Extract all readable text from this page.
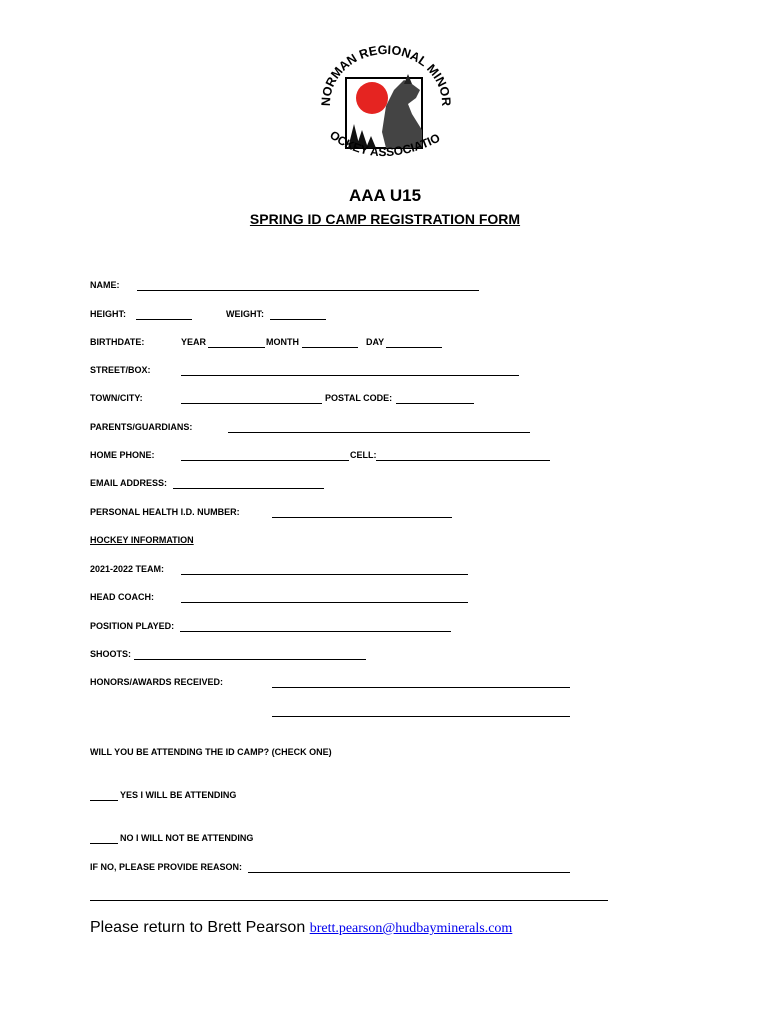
NORMAN REGIONAL MINOR
OCKEY ASSOCIATIO
AAA U15
SPRING ID CAMP REGISTRATION FORM
NAME:
HEIGHT:	WEIGHT:
BIRTHDATE:	YEAR	MONTH	DAY
STREET/BOX:
TOWN/CITY:	POSTAL CODE:
PARENTS/GUARDIANS:
HOME PHONE:	CELL:
EMAIL ADDRESS:
PERSONAL HEALTH I.D. NUMBER:
HOCKEY INFORMATION
2021-2022 TEAM:
HEAD COACH:
POSITION PLAYED:
SHOOTS:
HONORS/AWARDS RECEIVED:
WILL YOU BE ATTENDING THE ID CAMP? (CHECK ONE)
YES I WILL BE ATTENDING
NO I WILL NOT BE ATTENDING
IF NO, PLEASE PROVIDE REASON:
Please return to Brett Pearson brett.pearson@hudbayminerals.com
